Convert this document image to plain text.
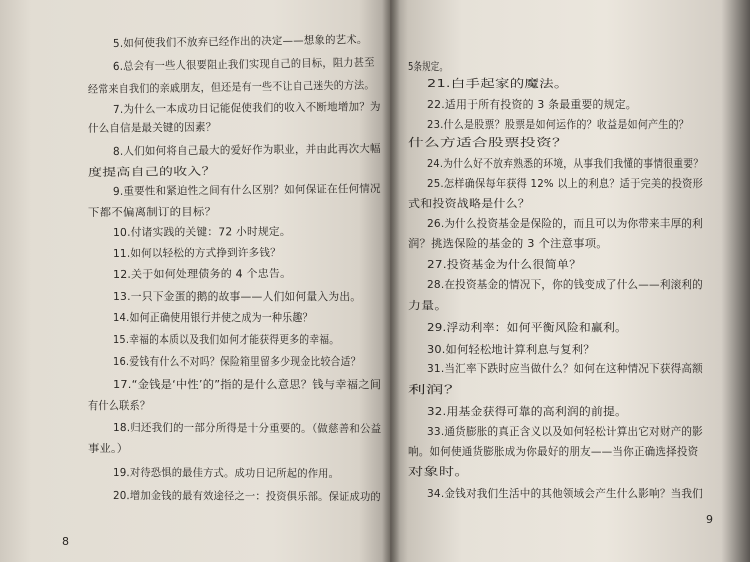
5.如何使我们不放弃已经作出的决定——想象的艺术。
6.总会有一些人很要阻止我们实现自己的目标，阻力甚至
经常来自我们的亲戚朋友，但还是有一些不让自己迷失的方法。
7.为什么一本成功日记能促使我们的收入不断地增加？为
什么自信是最关键的因素？
8.人们如何将自己最大的爱好作为职业，并由此再次大幅
度提高自己的收入？
9.重要性和紧迫性之间有什么区别？如何保证在任何情况
下都不偏离制订的目标？
10.付诸实践的关键：72 小时规定。
11.如何以轻松的方式挣到许多钱？
12.关于如何处理债务的 4 个忠告。
13.一只下金蛋的鹅的故事——人们如何量入为出。
14.如何正确使用银行并使之成为一种乐趣？
15.幸福的本质以及我们如何才能获得更多的幸福。
16.爱钱有什么不对吗？保险箱里留多少现金比较合适？
17.“金钱是‘中性’的”指的是什么意思？钱与幸福之间
有什么联系？
18.归还我们的一部分所得是十分重要的。（做慈善和公益
事业。）
19.对待恐惧的最佳方式。成功日记所起的作用。
20.增加金钱的最有效途径之一：投资俱乐部。保证成功的
5条规定。
21.白手起家的魔法。
22.适用于所有投资的 3 条最重要的规定。
23.什么是股票？股票是如何运作的？收益是如何产生的？
什么方适合股票投资？
24.为什么好不放弃熟悉的环境，从事我们我懂的事情很重要？
25.怎样确保每年获得 12% 以上的利息？适于完美的投资形
式和投资战略是什么？
26.为什么投资基金是保险的，而且可以为你带来丰厚的利
润？挑选保险的基金的 3 个注意事项。
27.投资基金为什么很简单？
28.在投资基金的情况下，你的钱变成了什么——利滚利的
力量。
29.浮动利率：如何平衡风险和赢利。
30.如何轻松地计算利息与复利？
31.当汇率下跌时应当做什么？如何在这种情况下获得高额
利润？
32.用基金获得可靠的高利润的前提。
33.通货膨胀的真正含义以及如何轻松计算出它对财产的影
响。如何使通货膨胀成为你最好的朋友——当你正确选择投资
对象时。
34.金钱对我们生活中的其他领域会产生什么影响？当我们
8
9
